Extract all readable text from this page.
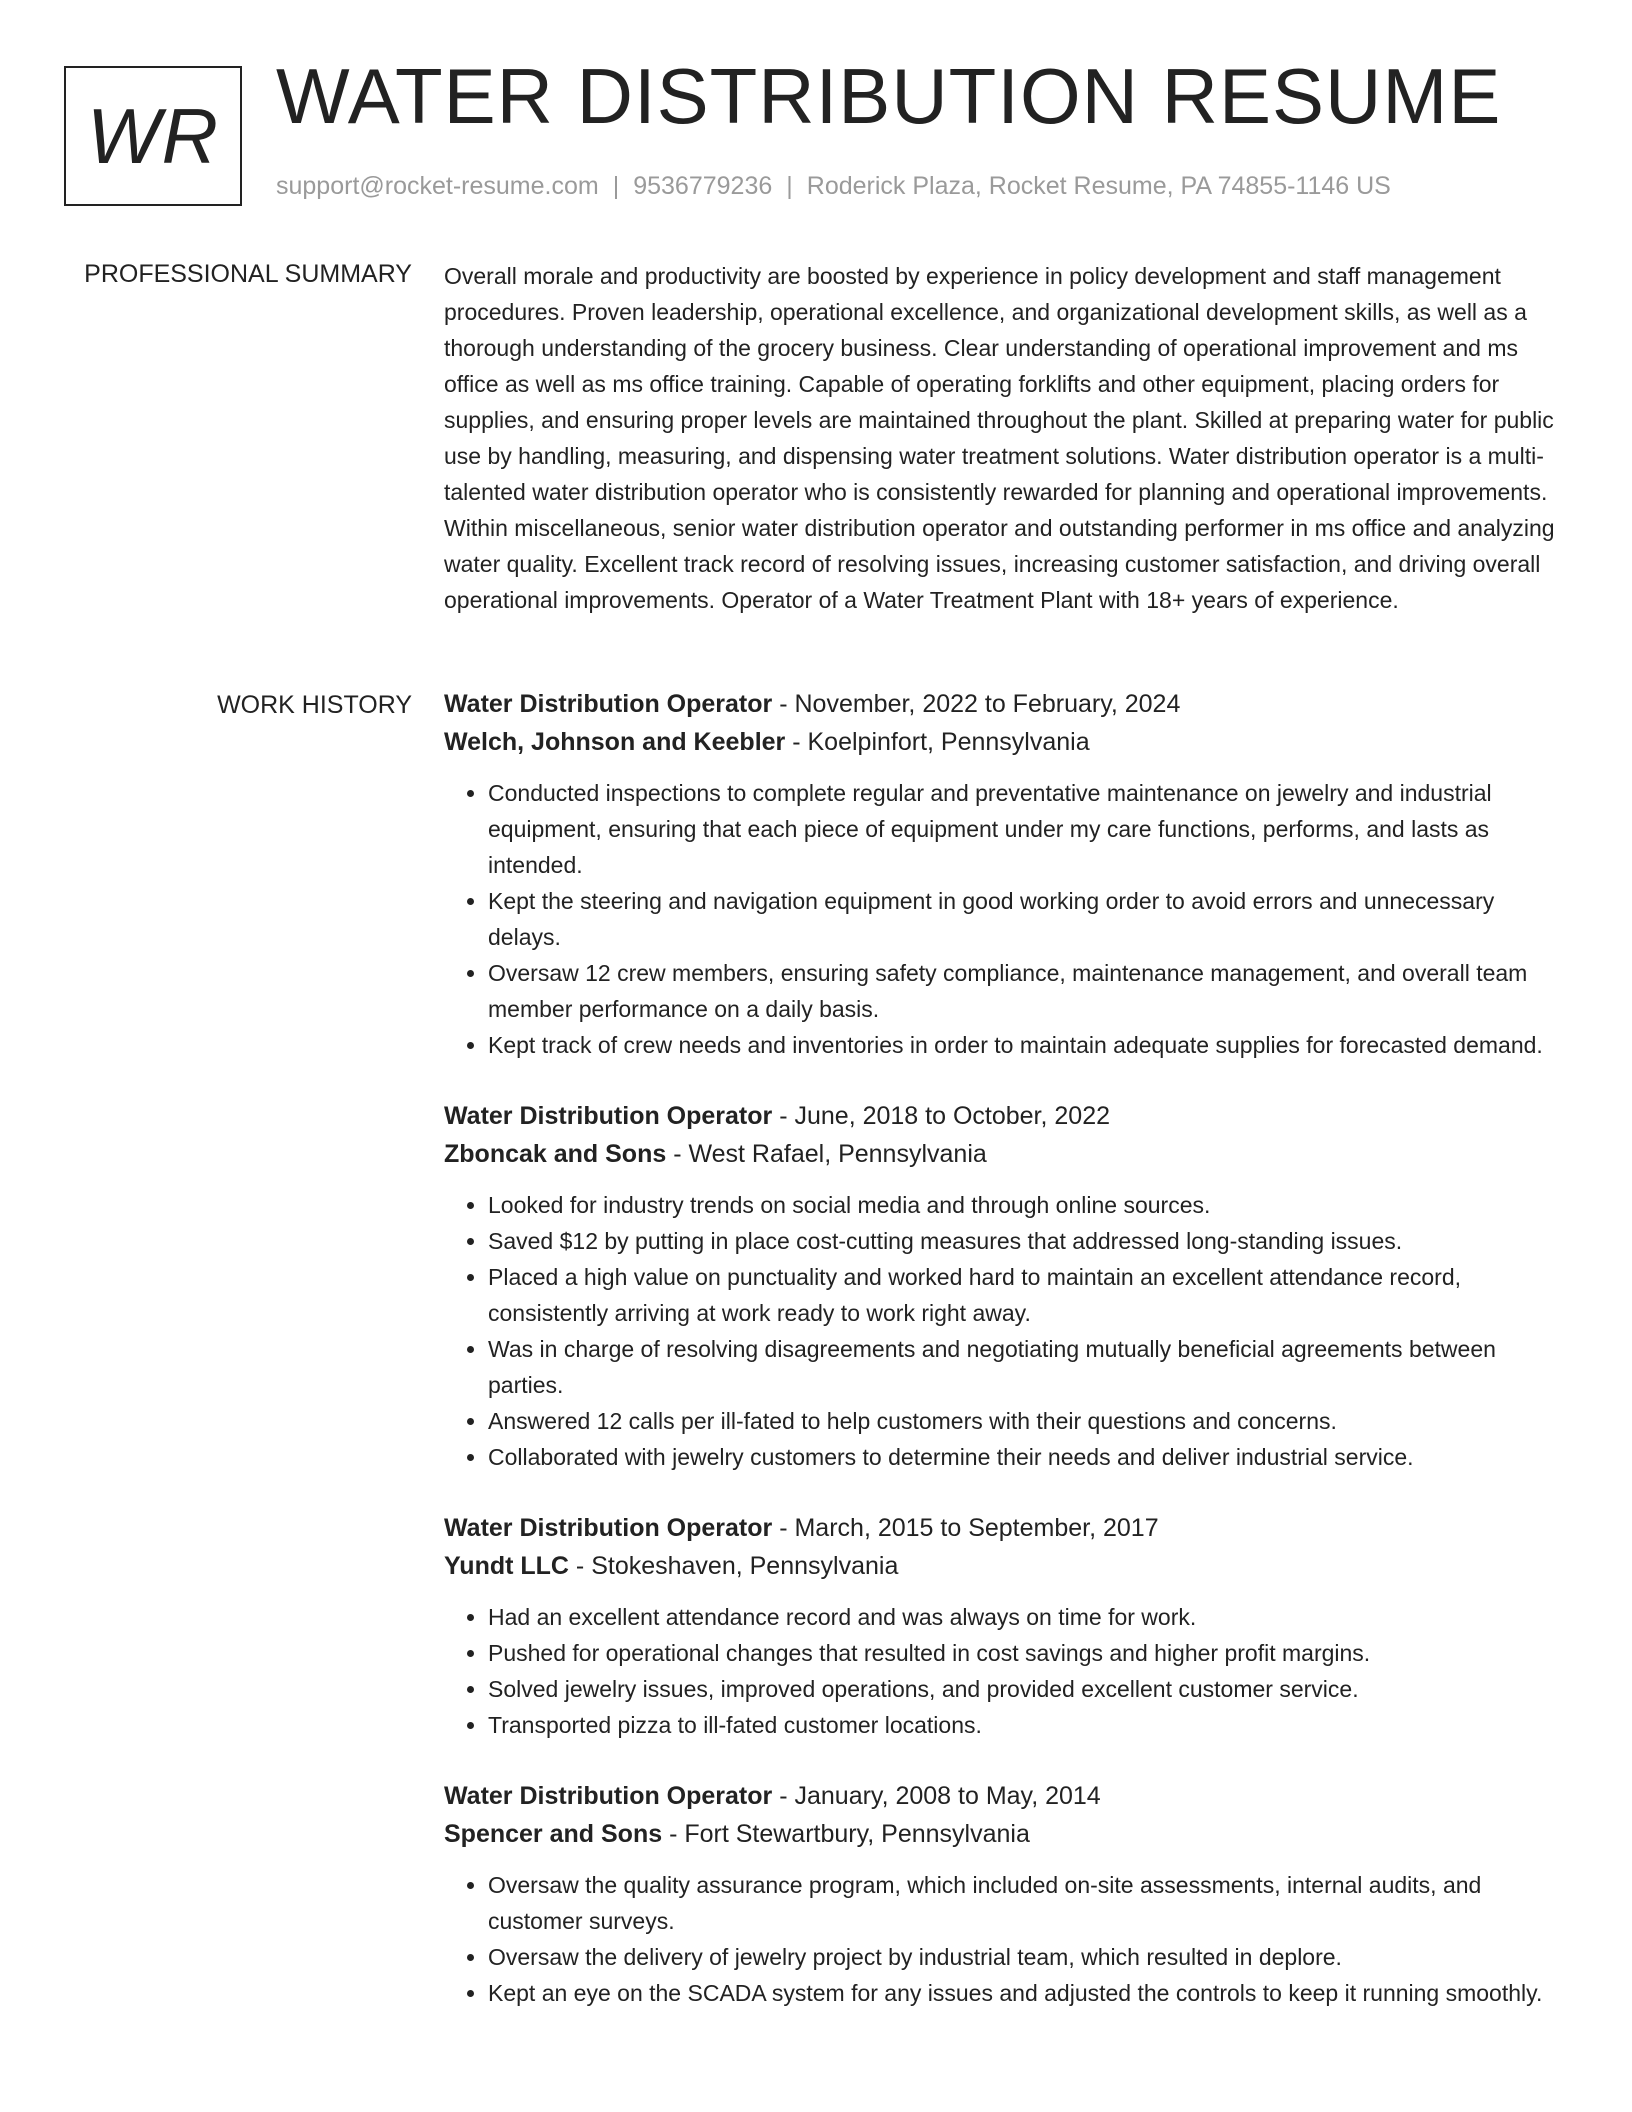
WR WATER DISTRIBUTION RESUME
support@rocket-resume.com | 9536779236 | Roderick Plaza, Rocket Resume, PA 74855-1146 US
PROFESSIONAL SUMMARY Overall morale and productivity are boosted by experience in policy development and staff management procedures. Proven leadership, operational excellence, and organizational development skills, as well as a thorough understanding of the grocery business. Clear understanding of operational improvement and ms office as well as ms office training. Capable of operating forklifts and other equipment, placing orders for supplies, and ensuring proper levels are maintained throughout the plant. Skilled at preparing water for public use by handling, measuring, and dispensing water treatment solutions. Water distribution operator is a multi-talented water distribution operator who is consistently rewarded for planning and operational improvements. Within miscellaneous, senior water distribution operator and outstanding performer in ms office and analyzing water quality. Excellent track record of resolving issues, increasing customer satisfaction, and driving overall operational improvements. Operator of a Water Treatment Plant with 18+ years of experience.

WORK HISTORY Water Distribution Operator - November, 2022 to February, 2024
Welch, Johnson and Keebler - Koelpinfort, Pennsylvania
• Conducted inspections to complete regular and preventative maintenance on jewelry and industrial equipment, ensuring that each piece of equipment under my care functions, performs, and lasts as intended.
• Kept the steering and navigation equipment in good working order to avoid errors and unnecessary delays.
• Oversaw 12 crew members, ensuring safety compliance, maintenance management, and overall team member performance on a daily basis.
• Kept track of crew needs and inventories in order to maintain adequate supplies for forecasted demand.
Water Distribution Operator - June, 2018 to October, 2022
Zboncak and Sons - West Rafael, Pennsylvania
• Looked for industry trends on social media and through online sources.
• Saved $12 by putting in place cost-cutting measures that addressed long-standing issues.
• Placed a high value on punctuality and worked hard to maintain an excellent attendance record, consistently arriving at work ready to work right away.
• Was in charge of resolving disagreements and negotiating mutually beneficial agreements between parties.
• Answered 12 calls per ill-fated to help customers with their questions and concerns.
• Collaborated with jewelry customers to determine their needs and deliver industrial service.
Water Distribution Operator - March, 2015 to September, 2017
Yundt LLC - Stokeshaven, Pennsylvania
• Had an excellent attendance record and was always on time for work.
• Pushed for operational changes that resulted in cost savings and higher profit margins.
• Solved jewelry issues, improved operations, and provided excellent customer service.
• Transported pizza to ill-fated customer locations.
Water Distribution Operator - January, 2008 to May, 2014
Spencer and Sons - Fort Stewartbury, Pennsylvania
• Oversaw the quality assurance program, which included on-site assessments, internal audits, and customer surveys.
• Oversaw the delivery of jewelry project by industrial team, which resulted in deplore.
• Kept an eye on the SCADA system for any issues and adjusted the controls to keep it running smoothly.
